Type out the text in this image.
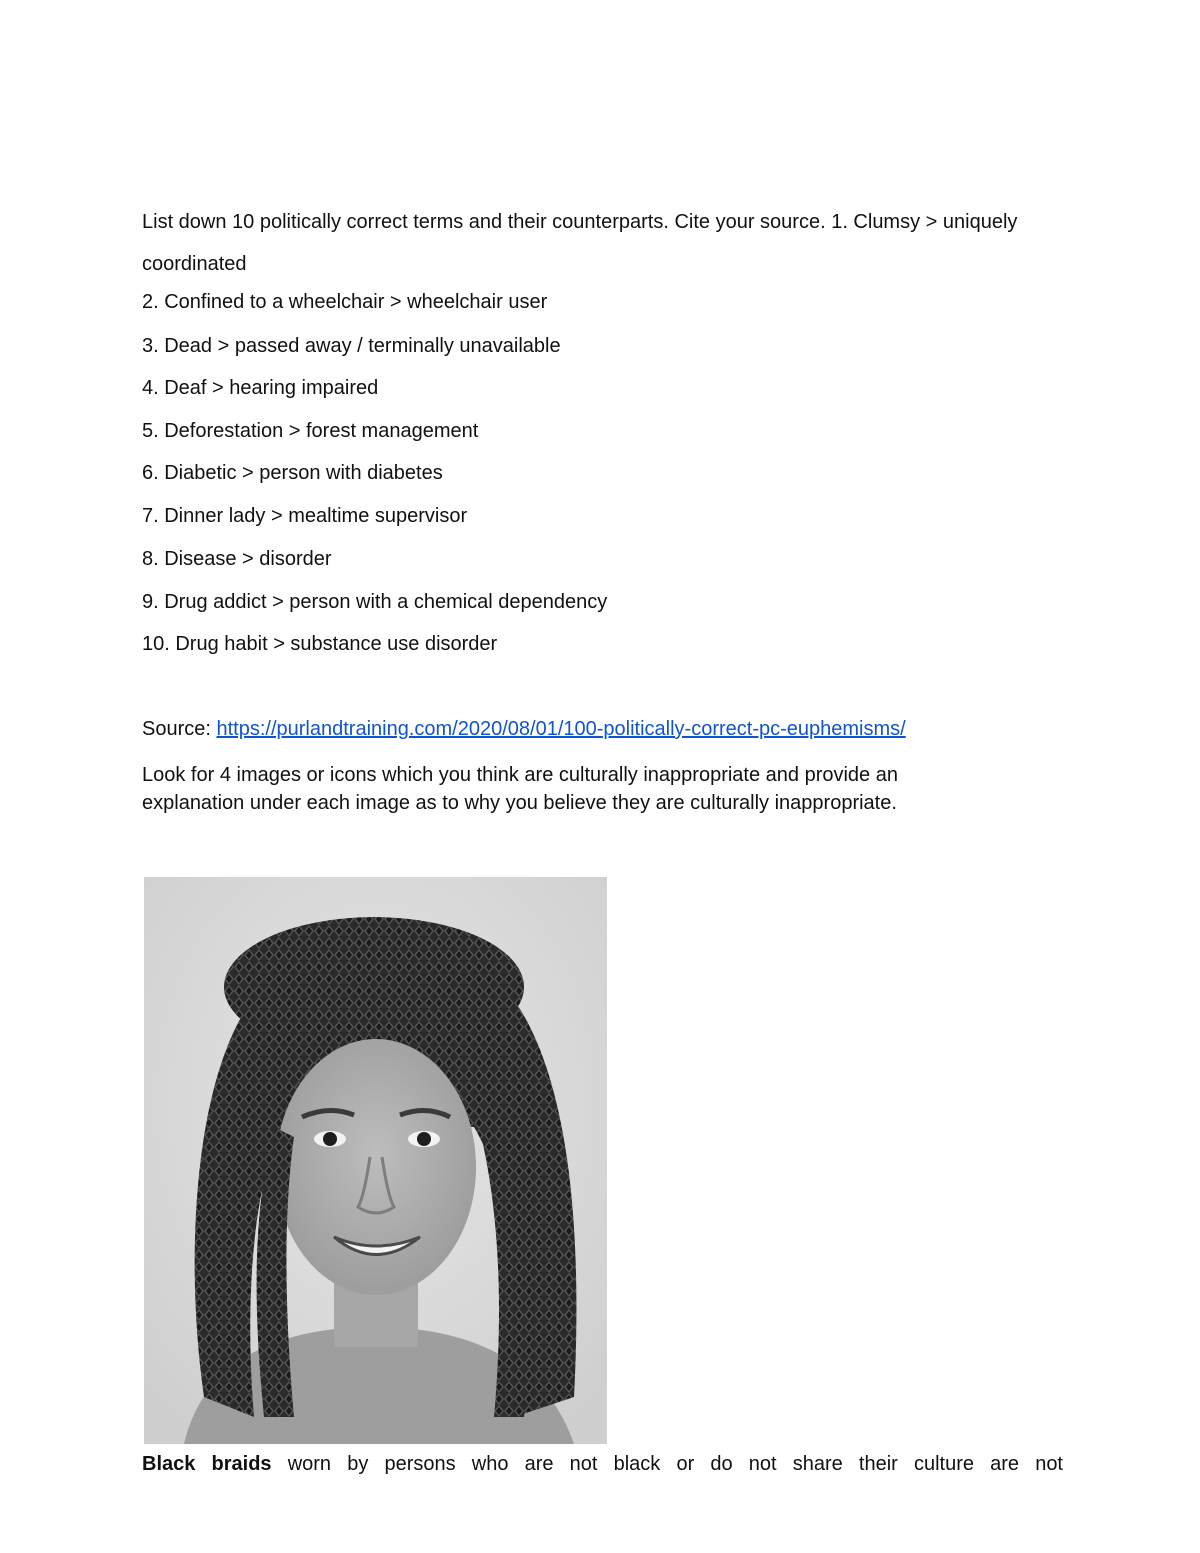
List down 10 politically correct terms and their counterparts. Cite your source. 1. Clumsy > uniquely coordinated
2. Confined to a wheelchair > wheelchair user
3. Dead > passed away / terminally unavailable
4. Deaf > hearing impaired
5. Deforestation > forest management
6. Diabetic > person with diabetes
7. Dinner lady > mealtime supervisor
8. Disease > disorder
9. Drug addict > person with a chemical dependency
10. Drug habit > substance use disorder
Source: https://purlandtraining.com/2020/08/01/100-politically-correct-pc-euphemisms/
Look for 4 images or icons which you think are culturally inappropriate and provide an explanation under each image as to why you believe they are culturally inappropriate.
Black braids worn by persons who are not black or do not share their culture are not
